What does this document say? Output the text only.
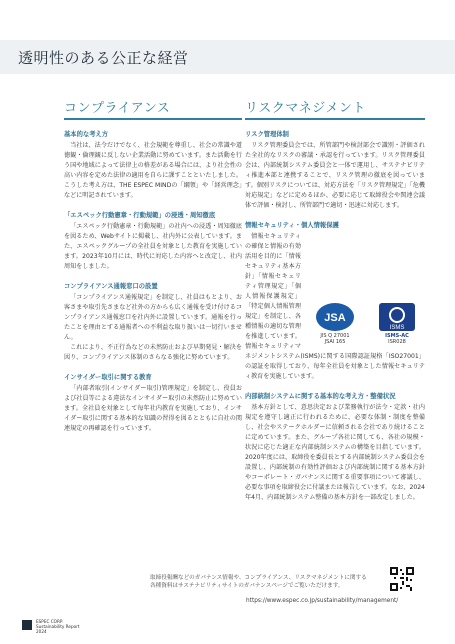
透明性のある公正な経営
コンプライアンス
基本的な考え方

当社は、法令だけでなく、社会規範を尊重し、社会の常識や道徳観・倫理観に反しない企業活動に努めています。また活動を行う国や地域によって法律上の格差がある場合には、より社会性の高い内容を定めた法律の適用を自らに課すことといたしました。こうした考え方は、THE ESPEC MINDの「綱領」や「経営理念」などに明記されています。

「エスペック行動憲章・行動規範」の浸透・周知徹底

「エスペック行動憲章・行動規範」の社内への浸透・周知徹底を図るため、Webサイトに掲載し、社内外に公表しています。また、エスペックグループの全社員を対象とした教育を実施しています。2023年10月には、時代に対応した内容へと改定し、社内周知をしました。

コンプライアンス通報窓口の設置

「コンプライアンス通報規定」を制定し、社員はもとより、お客さまや取引先さまなど社外の方からも広く通報を受け付けるコンプライアンス通報窓口を社内外に設置しています。通報を行ったことを理由とする通報者への不利益な取り扱いは一切行いません。

これにより、不正行為などの未然防止および早期発見・解決を図り、コンプライアンス体制のさらなる強化に努めています。

インサイダー取引に関する教育

「内部者取引(インサイダー取引)管理規定」を制定し、役員および社員等による違法なインサイダー取引の未然防止に努めています。全社員を対象として毎年社内教育を実施しており、インサイダー取引に関する基本的な知識の習得を図るとともに自社の関連規定の再確認を行っています。

リスクマネジメント
リスク管理体制

リスク管理委員会では、所管部門や検討部会で識別・評価された全社的なリスクの審議・承認を行っています。リスク管理委員会は、内部統制システム委員会と一体で運用し、サステナビリティ推進本部と連携することで、リスク管理の徹底を図っています。個別リスクについては、対応方法を「リスク管理規定」「危機対応規定」などに定めるほか、必要に応じて取締役会や関連会議体で評価・検討し、所管部門で適切・迅速に対応します。

情報セキュリティ・個人情報保護
JSA
JIS Q 27001
JSAI 165
ISMS
ISMS-AC
ISR028

情報セキュリティの確保と情報の有効活用を目的に「情報セキュリティ基本方針」「情報セキュリティ管理規定」「個人情報保護規定」「特定個人情報管理規定」を制定し、各種情報の適切な管理を推進しています。情報セキュリティマネジメントシステム(ISMS)に関する国際認証規格「ISO27001」の認証を取得しており、毎年全社員を対象とした情報セキュリティ教育を実施しています。

内部統制システムに関する基本的な考え方・整備状況

基本方針として、意思決定および業務執行が法令・定款・社内規定を遵守し適正に行われるために、必要な体制・制度を整備し、社会やステークホルダーに信頼される会社であり続けることに定めています。また、グループ各社に関しても、各社の規模・状況に応じた適正な内部統制システムの構築を目指しています。2020年度には、取締役を委員長とする内部統制システム委員会を設置し、内部統制の有効性評価および内部統制に関する基本方針やコーポレート・ガバナンスに関する重要事項について審議し、必要な事項を取締役会に付議または報告しています。なお、2024年4月、内部統制システム整備の基本方針を一部改定しました。

取締役報酬などのガバナンス情報や、コンプライアンス、リスクマネジメントに関する各種資料はサステナビリティサイトのガバナンスページでご覧いただけます。
https://www.espec.co.jp/sustainability/management/
ESPEC CORP.
Sustainability Report
2024
